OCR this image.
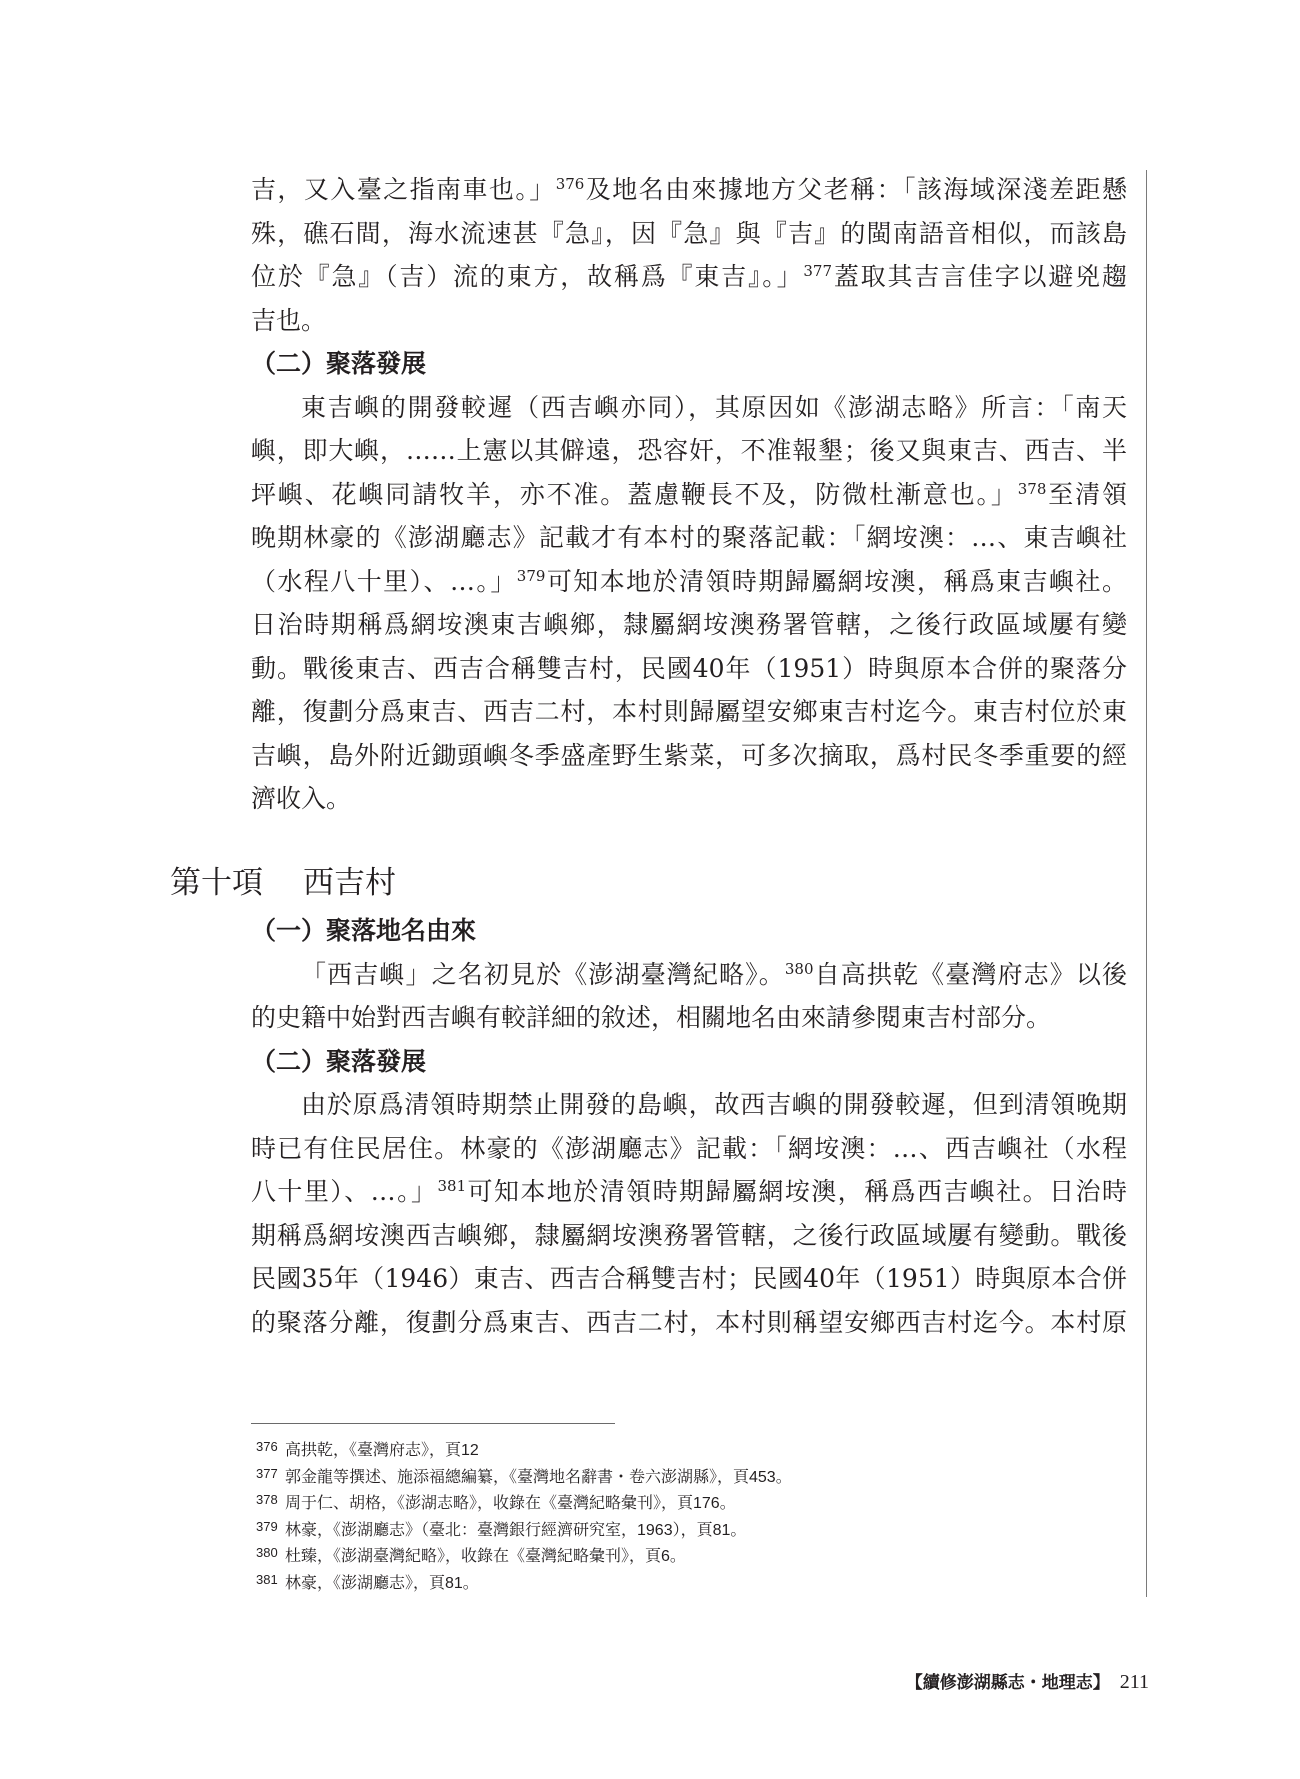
吉，又入臺之指南車也。」$^{376}$及地名由來據地方父老稱：「該海域深淺差距懸
殊，礁石間，海水流速甚『急』，因『急』與『吉』的閩南語音相似，而該島
位於『急』（吉）流的東方，故稱爲『東吉』。」$^{377}$蓋取其吉言佳字以避兇趨
吉也。
（二）聚落發展
東吉嶼的開發較遲（西吉嶼亦同），其原因如《澎湖志略》所言：「南天
嶼，即大嶼，……上憲以其僻遠，恐容奸，不准報墾；後又與東吉、西吉、半
坪嶼、花嶼同請牧羊，亦不准。蓋慮鞭長不及，防微杜漸意也。」$^{378}$至清領
晚期林豪的《澎湖廳志》記載才有本村的聚落記載：「網垵澳：…、東吉嶼社
（水程八十里）、…。」$^{379}$可知本地於清領時期歸屬網垵澳，稱爲東吉嶼社。
日治時期稱爲網垵澳東吉嶼鄉，隸屬網垵澳務署管轄，之後行政區域屢有變
動。戰後東吉、西吉合稱雙吉村，民國40年（1951）時與原本合併的聚落分
離，復劃分爲東吉、西吉二村，本村則歸屬望安鄉東吉村迄今。東吉村位於東
吉嶼，島外附近鋤頭嶼冬季盛產野生紫菜，可多次摘取，爲村民冬季重要的經
濟收入。
第十項 西吉村
（一）聚落地名由來
「西吉嶼」之名初見於《澎湖臺灣紀略》。$^{380}$自高拱乾《臺灣府志》以後
的史籍中始對西吉嶼有較詳細的敘述，相關地名由來請參閱東吉村部分。
（二）聚落發展
由於原爲清領時期禁止開發的島嶼，故西吉嶼的開發較遲，但到清領晚期
時已有住民居住。林豪的《澎湖廳志》記載：「網垵澳：…、西吉嶼社（水程
八十里）、…。」$^{381}$可知本地於清領時期歸屬網垵澳，稱爲西吉嶼社。日治時
期稱爲網垵澳西吉嶼鄉，隸屬網垵澳務署管轄，之後行政區域屢有變動。戰後
民國35年（1946）東吉、西吉合稱雙吉村；民國40年（1951）時與原本合併
的聚落分離，復劃分爲東吉、西吉二村，本村則稱望安鄉西吉村迄今。本村原
376 高拱乾，《臺灣府志》，頁12
377 郭金龍等撰述、施添福總編纂，《臺灣地名辭書・卷六澎湖縣》，頁453。
378 周于仁、胡格，《澎湖志略》，收錄在《臺灣紀略彙刊》，頁176。
379 林豪，《澎湖廳志》（臺北：臺灣銀行經濟研究室，1963），頁81。
380 杜臻，《澎湖臺灣紀略》，收錄在《臺灣紀略彙刊》，頁6。
381 林豪，《澎湖廳志》，頁81。
【續修澎湖縣志・地理志】 211
